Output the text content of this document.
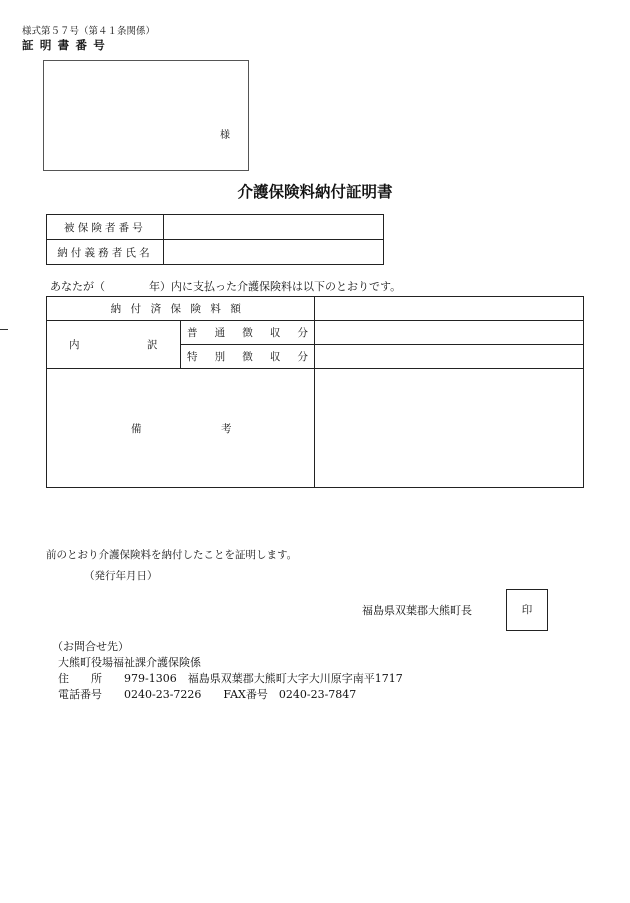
様式第５７号（第４１条関係）
証明書番号
様
介護保険料納付証明書
被保険者番号	
納付義務者氏名	
あなたが（　　　　年）内に支払った介護保険料は以下のとおりです。
納付済保険料額		
内 訳	普通徴収分	
	特別徴収分	

備 考		

前のとおり介護保険料を納付したことを証明します。
（発行年月日）
福島県双葉郡大熊町長	印
（お問合せ先）
大熊町役場福祉課介護保険係
住　　所　　979-1306　福島県双葉郡大熊町大字大川原字南平1717
電話番号　　0240-23-7226　　FAX番号　0240-23-7847
